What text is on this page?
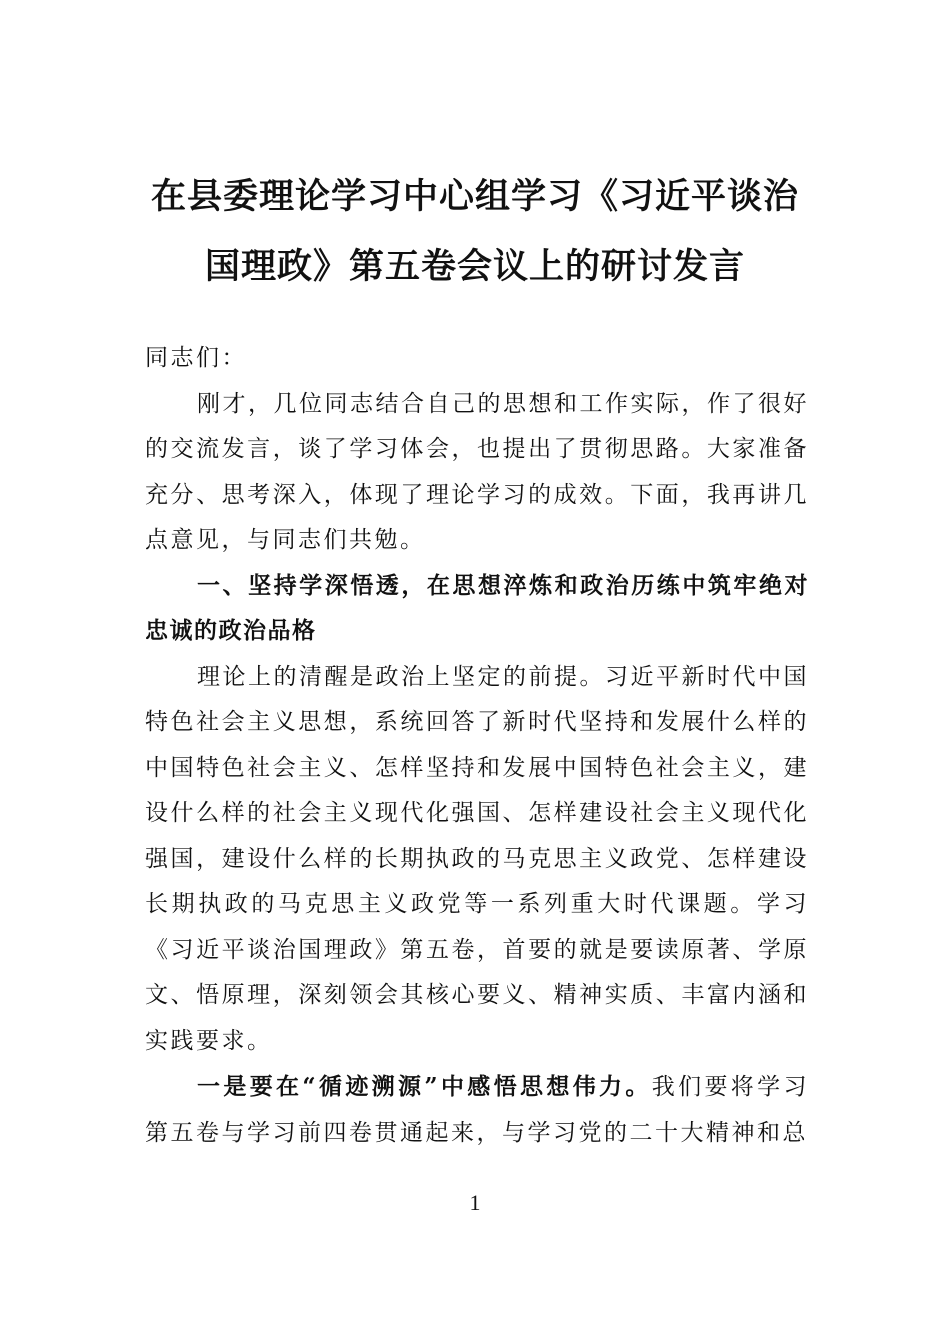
在县委理论学习中心组学习《习近平谈治
国理政》第五卷会议上的研讨发言

同志们：

刚才，几位同志结合自己的思想和工作实际，作了很好的交流发言，谈了学习体会，也提出了贯彻思路。大家准备充分、思考深入，体现了理论学习的成效。下面，我再讲几点意见，与同志们共勉。

一、坚持学深悟透，在思想淬炼和政治历练中筑牢绝对忠诚的政治品格

理论上的清醒是政治上坚定的前提。习近平新时代中国特色社会主义思想，系统回答了新时代坚持和发展什么样的中国特色社会主义、怎样坚持和发展中国特色社会主义，建设什么样的社会主义现代化强国、怎样建设社会主义现代化强国，建设什么样的长期执政的马克思主义政党、怎样建设长期执政的马克思主义政党等一系列重大时代课题。学习《习近平谈治国理政》第五卷，首要的就是要读原著、学原文、悟原理，深刻领会其核心要义、精神实质、丰富内涵和实践要求。

一是要在“循迹溯源”中感悟思想伟力。我们要将学习第五卷与学习前四卷贯通起来，与学习党的二十大精神和总

1
